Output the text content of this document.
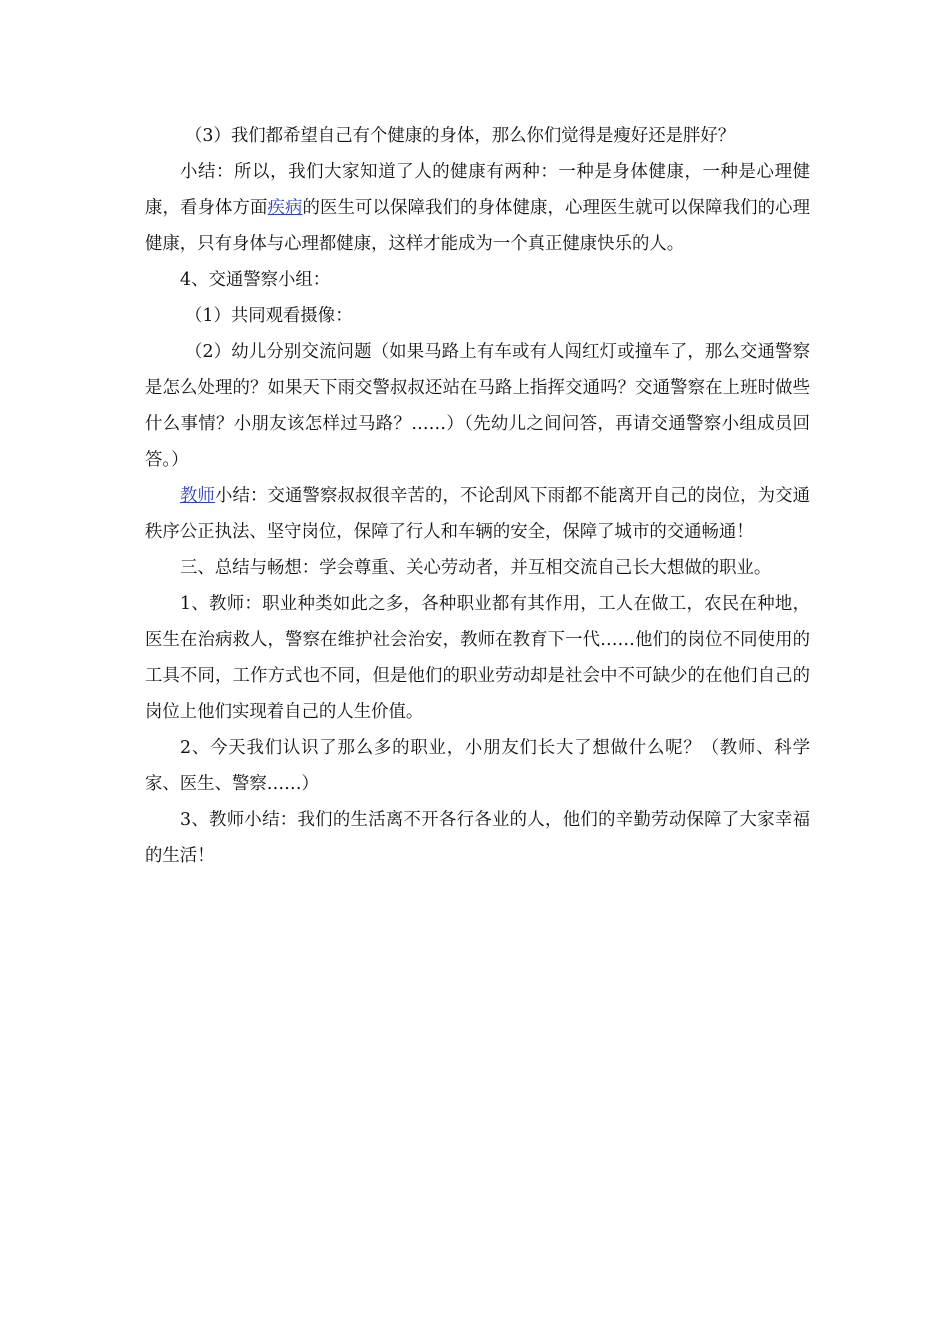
（3）我们都希望自己有个健康的身体，那么你们觉得是瘦好还是胖好？

小结：所以，我们大家知道了人的健康有两种：一种是身体健康，一种是心理健康，看身体方面疾病的医生可以保障我们的身体健康，心理医生就可以保障我们的心理健康，只有身体与心理都健康，这样才能成为一个真正健康快乐的人。

4、交通警察小组：

（1）共同观看摄像：

（2）幼儿分别交流问题（如果马路上有车或有人闯红灯或撞车了，那么交通警察是怎么处理的？如果天下雨交警叔叔还站在马路上指挥交通吗？交通警察在上班时做些什么事情？小朋友该怎样过马路？……）（先幼儿之间问答，再请交通警察小组成员回答。）

教师小结：交通警察叔叔很辛苦的，不论刮风下雨都不能离开自己的岗位，为交通秩序公正执法、坚守岗位，保障了行人和车辆的安全，保障了城市的交通畅通！

三、总结与畅想：学会尊重、关心劳动者，并互相交流自己长大想做的职业。

1、教师：职业种类如此之多，各种职业都有其作用，工人在做工，农民在种地，医生在治病救人，警察在维护社会治安，教师在教育下一代……他们的岗位不同使用的工具不同，工作方式也不同，但是他们的职业劳动却是社会中不可缺少的在他们自己的岗位上他们实现着自己的人生价值。

2、今天我们认识了那么多的职业，小朋友们长大了想做什么呢？（教师、科学家、医生、警察……）

3、教师小结：我们的生活离不开各行各业的人，他们的辛勤劳动保障了大家幸福的生活！
